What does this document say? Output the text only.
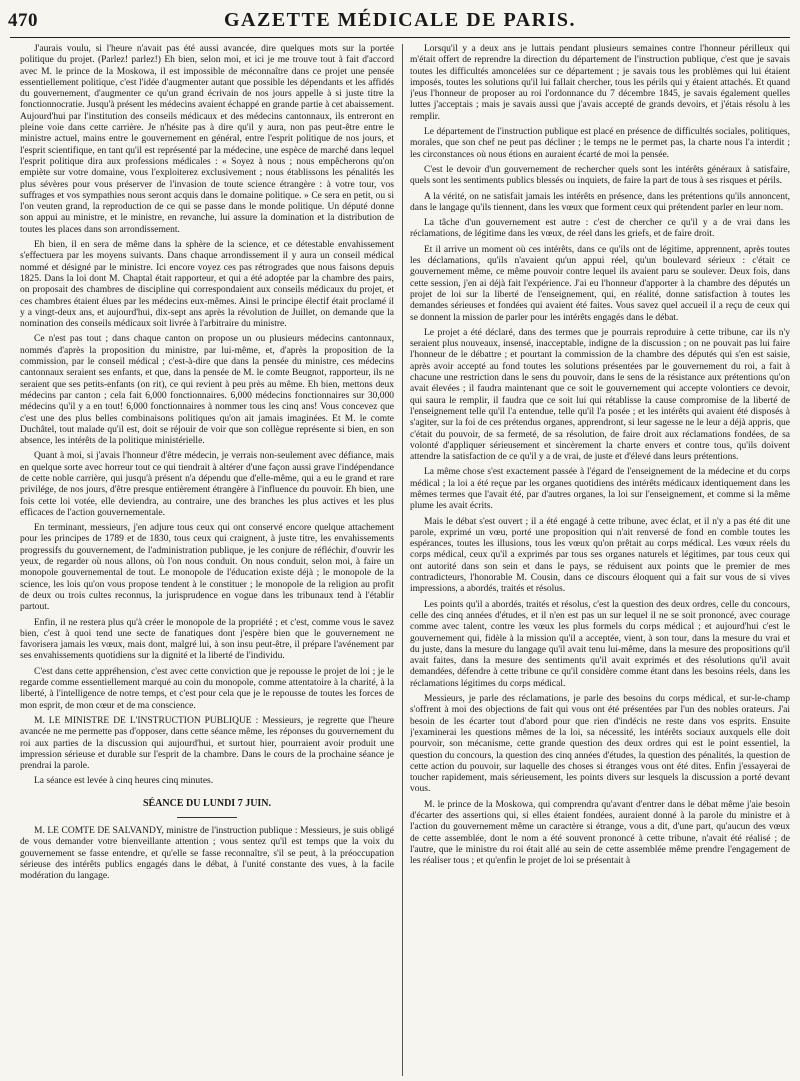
470	GAZETTE MÉDICALE DE PARIS.

J'aurais voulu, si l'heure n'avait pas été aussi avancée, dire quelques mots sur la portée politique du projet. (Parlez! parlez!) Eh bien, selon moi, et ici je me trouve tout à fait d'accord avec M. le prince de la Moskowa, il est impossible de méconnaître dans ce projet une pensée essentiellement politique, c'est l'idée d'augmenter autant que possible les dépendants et les affidés du gouvernement, d'augmenter ce qu'un grand écrivain de nos jours appelle à si juste titre la fonctionnocratie. Jusqu'à présent les médecins avaient échappé en grande partie à cet abaissement. Aujourd'hui par l'institution des conseils médicaux et des médecins cantonnaux, ils entreront en pleine voie dans cette carrière. Je n'hésite pas à dire qu'il y aura, non pas peut-être entre le ministre actuel, mains entre le gouvernement en général, entre l'esprit politique de nos jours, et l'esprit scientifique, en tant qu'il est représenté par la médecine, une espèce de marché dans lequel l'esprit politique dira aux professions médicales : « Soyez à nous ; nous empêcherons qu'on empiète sur votre domaine, vous l'exploiterez exclusivement ; nous établissons les pénalités les plus sévères pour vous préserver de l'invasion de toute science étrangère : à votre tour, vos suffrages et vos sympathies nous seront acquis dans le domaine politique. » Ce sera en petit, ou si l'on veuten grand, la reproduction de ce qui se passe dans le monde politique. Un député donne son appui au ministre, et le ministre, en revanche, lui assure la domination et la distribution de toutes les places dans son arrondissement.

Eh bien, il en sera de même dans la sphère de la science, et ce détestable envahissement s'effectuera par les moyens suivants. Dans chaque arrondissement il y aura un conseil médical nommé et désigné par le ministre. Ici encore voyez ces pas rétrogrades que nous faisons depuis 1825. Dans la loi dont M. Chaptal était rapporteur, et qui a été adoptée par la chambre des pairs, on proposait des chambres de discipline qui correspondaient aux conseils médicaux du projet, et ces chambres étaient élues par les médecins eux-mêmes. Ainsi le principe électif était proclamé il y a vingt-deux ans, et aujourd'hui, dix-sept ans après la révolution de Juillet, on demande que la nomination des conseils médicaux soit livrée à l'arbitraire du ministre.

Ce n'est pas tout ; dans chaque canton on propose un ou plusieurs médecins cantonnaux, nommés d'après la proposition du ministre, par lui-même, et, d'après la proposition de la commission, par le conseil médical ; c'est-à-dire que dans la pensée du ministre, ces médecins cantonnaux seraient ses enfants, et que, dans la pensée de M. le comte Beugnot, rapporteur, ils ne seraient que ses petits-enfants (on rit), ce qui revient à peu près au même. Eh bien, mettons deux médecins par canton ; cela fait 6,000 fonctionnaires. 6,000 médecins fonctionnaires sur 30,000 médecins qu'il y a en tout! 6,000 fonctionnaires à nommer tous les cinq ans! Vous concevez que c'est une des plus belles combinaisons politiques qu'on ait jamais imaginées. Et M. le comte Duchâtel, tout malade qu'il est, doit se réjouir de voir que son collègue représente si bien, en son absence, les intérêts de la politique ministérielle.

Quant à moi, si j'avais l'honneur d'être médecin, je verrais non-seulement avec défiance, mais en quelque sorte avec horreur tout ce qui tiendrait à altérer d'une façon aussi grave l'indépendance de cette noble carrière, qui jusqu'à présent n'a dépendu que d'elle-même, qui a eu le grand et rare privilége, de nos jours, d'être presque entièrement étrangère à l'influence du pouvoir. Eh bien, une fois cette loi votée, elle deviendra, au contraire, une des branches les plus actives et les plus efficaces de l'action gouvernementale.

En terminant, messieurs, j'en adjure tous ceux qui ont conservé encore quelque attachement pour les principes de 1789 et de 1830, tous ceux qui craignent, à juste titre, les envahissements progressifs du gouvernement, de l'administration publique, je les conjure de réfléchir, d'ouvrir les yeux, de regarder où nous allons, où l'on nous conduit. On nous conduit, selon moi, à faire un monopole gouvernemental de tout. Le monopole de l'éducation existe déjà ; le monopole de la science, les lois qu'on vous propose tendent à le constituer ; le monopole de la religion au profit de deux ou trois cultes reconnus, la jurisprudence en vogue dans les tribunaux tend à l'établir partout.

Enfin, il ne restera plus qu'à créer le monopole de la propriété ; et c'est, comme vous le savez bien, c'est à quoi tend une secte de fanatiques dont j'espère bien que le gouvernement ne favorisera jamais les vœux, mais dont, malgré lui, à son insu peut-être, il prépare l'avénement par ses envahissements quotidiens sur la dignité et la liberté de l'individu.

C'est dans cette appréhension, c'est avec cette conviction que je repousse le projet de loi ; je le regarde comme essentiellement marqué au coin du monopole, comme attentatoire à la charité, à la liberté, à l'intelligence de notre temps, et c'est pour cela que je le repousse de toutes les forces de mon esprit, de mon cœur et de ma conscience.

M. LE MINISTRE DE L'INSTRUCTION PUBLIQUE : Messieurs, je regrette que l'heure avancée ne me permette pas d'opposer, dans cette séance même, les réponses du gouvernement du roi aux parties de la discussion qui aujourd'hui, et surtout hier, pourraient avoir produit une impression sérieuse et durable sur l'esprit de la chambre. Dans le cours de la prochaine séance je prendrai la parole.

La séance est levée à cinq heures cinq minutes.

SÉANCE DU LUNDI 7 JUIN.

M. LE COMTE DE SALVANDY, ministre de l'instruction publique : Messieurs, je suis obligé de vous demander votre bienveillante attention ; vous sentez qu'il est temps que la voix du gouvernement se fasse entendre, et qu'elle se fasse reconnaître, s'il se peut, à la préoccupation sérieuse des intérêts publics engagés dans le débat, à l'unité constante des vues, à la facile modération du langage.

Lorsqu'il y a deux ans je luttais pendant plusieurs semaines contre l'honneur périlleux qui m'était offert de reprendre la direction du département de l'instruction publique, c'est que je savais toutes les difficultés amoncelées sur ce département ; je savais tous les problèmes qui lui étaient imposés, toutes les solutions qu'il lui fallait chercher, tous les périls qui y étaient attachés. Et quand j'eus l'honneur de proposer au roi l'ordonnance du 7 décembre 1845, je savais également quelles luttes j'acceptais ; mais je savais aussi que j'avais accepté de grands devoirs, et j'étais résolu à les remplir.

Le département de l'instruction publique est placé en présence de difficultés sociales, politiques, morales, que son chef ne peut pas décliner ; le temps ne le permet pas, la charte nous l'a interdit ; les circonstances où nous étions en auraient écarté de moi la pensée.

C'est le devoir d'un gouvernement de rechercher quels sont les intérêts généraux à satisfaire, quels sont les sentiments publics blessés ou inquiets, de faire la part de tous à ses risques et périls.

A la vérité, on ne satisfait jamais les intérêts en présence, dans les prétentions qu'ils annoncent, dans le langage qu'ils tiennent, dans les vœux que forment ceux qui prétendent parler en leur nom.

La tâche d'un gouvernement est autre : c'est de chercher ce qu'il y a de vrai dans les réclamations, de légitime dans les vœux, de réel dans les griefs, et de faire droit.

Et il arrive un moment où ces intérêts, dans ce qu'ils ont de légitime, apprennent, après toutes les déclamations, qu'ils n'avaient qu'un appui réel, qu'un boulevard sérieux : c'était ce gouvernement même, ce même pouvoir contre lequel ils avaient paru se soulever. Deux fois, dans cette session, j'en ai déjà fait l'expérience. J'ai eu l'honneur d'apporter à la chambre des députés un projet de loi sur la liberté de l'enseignement, qui, en réalité, donne satisfaction à toutes les demandes sérieuses et fondées qui avaient été faites. Vous savez quel accueil il a reçu de ceux qui se donnent la mission de parler pour les intérêts engagés dans le débat.

Le projet a été déclaré, dans des termes que je pourrais reproduire à cette tribune, car ils n'y seraient plus nouveaux, insensé, inacceptable, indigne de la discussion ; on ne pouvait pas lui faire l'honneur de le débattre ; et pourtant la commission de la chambre des députés qui s'en est saisie, après avoir accepté au fond toutes les solutions présentées par le gouvernement du roi, a fait à chacune une restriction dans le sens du pouvoir, dans le sens de la résistance aux prétentions qu'on avait élevées ; il faudra maintenant que ce soit le gouvernement qui accepte volontiers ce devoir, qui saura le remplir, il faudra que ce soit lui qui rétablisse la cause compromise de la liberté de l'enseignement telle qu'il l'a entendue, telle qu'il l'a posée ; et les intérêts qui avaient été disposés à s'agiter, sur la foi de ces prétendus organes, apprendront, si leur sagesse ne le leur a déjà appris, que c'était du pouvoir, de sa fermeté, de sa résolution, de faire droit aux réclamations fondées, de sa volonté d'appliquer sérieusement et sincèrement la charte envers et contre tous, qu'ils doivent attendre la satisfaction de ce qu'il y a de vrai, de juste et d'élevé dans leurs prétentions.

La même chose s'est exactement passée à l'égard de l'enseignement de la médecine et du corps médical ; la loi a été reçue par les organes quotidiens des intérêts médicaux identiquement dans les mêmes termes que l'avait été, par d'autres organes, la loi sur l'enseignement, et comme si la même plume les avait écrits.

Mais le débat s'est ouvert ; il a été engagé à cette tribune, avec éclat, et il n'y a pas été dit une parole, exprimé un vœu, porté une proposition qui n'ait renversé de fond en comble toutes les espérances, toutes les illusions, tous les vœux qu'on prêtait au corps médical. Les vœux réels du corps médical, ceux qu'il a exprimés par tous ses organes naturels et légitimes, par tous ceux qui ont autorité dans son sein et dans le pays, se réduisent aux points que le premier de mes contradicteurs, l'honorable M. Cousin, dans ce discours éloquent qui a fait sur vous de si vives impressions, a abordés, traités et résolus.

Les points qu'il a abordés, traités et résolus, c'est la question des deux ordres, celle du concours, celle des cinq années d'études, et il n'en est pas un sur lequel il ne se soit prononcé, avec courage comme avec talent, contre les vœux les plus formels du corps médical ; et aujourd'hui c'est le gouvernement qui, fidèle à la mission qu'il a acceptée, vient, à son tour, dans la mesure du vrai et du juste, dans la mesure du langage qu'il avait tenu lui-même, dans la mesure des propositions qu'il avait faites, dans la mesure des sentiments qu'il avait exprimés et des résolutions qu'il avait demandées, défendre à cette tribune ce qu'il considère comme étant dans les besoins réels, dans les réclamations légitimes du corps médical.

Messieurs, je parle des réclamations, je parle des besoins du corps médical, et sur-le-champ s'offrent à moi des objections de fait qui vous ont été présentées par l'un des nobles orateurs. J'ai besoin de les écarter tout d'abord pour que rien d'indécis ne reste dans vos esprits. Ensuite j'examinerai les questions mêmes de la loi, sa nécessité, les intérêts sociaux auxquels elle doit pourvoir, son mécanisme, cette grande question des deux ordres qui est le point essentiel, la question du concours, la question des cinq années d'études, la question des pénalités, la question de cette action du pouvoir, sur laquelle des choses si étranges vous ont été dites. Enfin j'essayerai de toucher rapidement, mais sérieusement, les points divers sur lesquels la discussion a porté devant vous.

M. le prince de la Moskowa, qui comprendra qu'avant d'entrer dans le débat même j'aie besoin d'écarter des assertions qui, si elles étaient fondées, auraient donné à la parole du ministre et à l'action du gouvernement même un caractère si étrange, vous a dit, d'une part, qu'aucun des vœux de cette assemblée, dont le nom a été souvent prononcé à cette tribune, n'avait été réalisé ; de l'autre, que le ministre du roi était allé au sein de cette assemblée même prendre l'engagement de les réaliser tous ; et qu'enfin le projet de loi se présentait à
